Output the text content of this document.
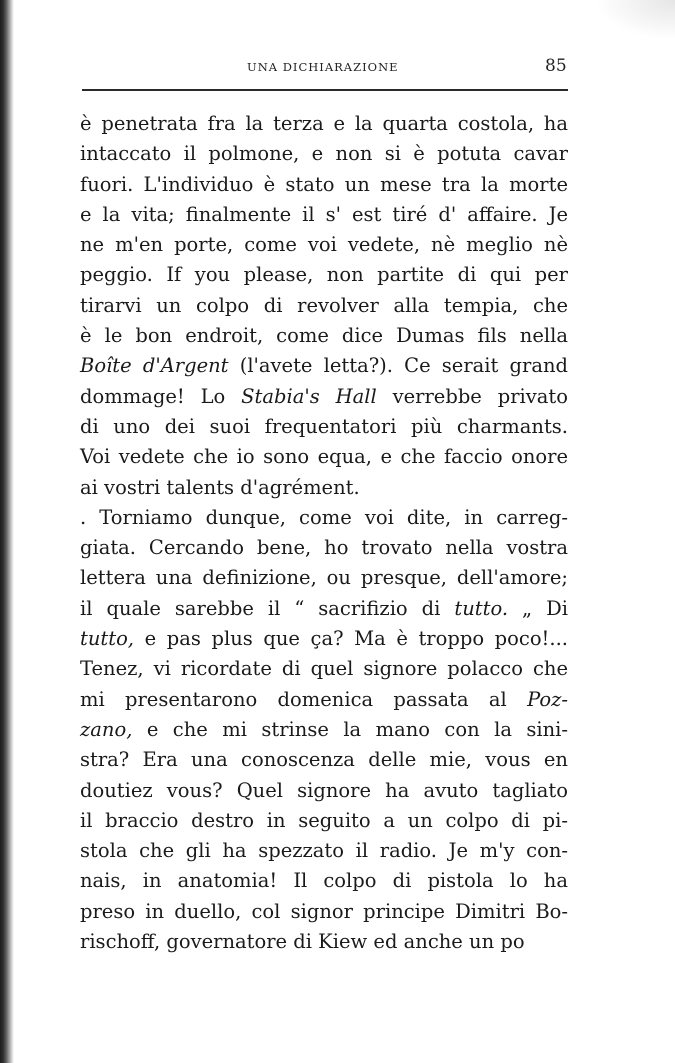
UNA DICHIARAZIONE	85
è penetrata fra la terza e la quarta costola, ha
intaccato il polmone, e non si è potuta cavar
fuori. L'individuo è stato un mese tra la morte
e la vita; finalmente il s' est tiré d' affaire. Je
ne m'en porte, come voi vedete, nè meglio nè
peggio. If you please, non partite di qui per
tirarvi un colpo di revolver alla tempia, che
è le bon endroit, come dice Dumas fils nella
Boîte d'Argent (l'avete letta?). Ce serait grand
dommage! Lo Stabia's Hall verrebbe privato
di uno dei suoi frequentatori più charmants.
Voi vedete che io sono equa, e che faccio onore
ai vostri talents d'agrément.
. Torniamo dunque, come voi dite, in carreg-
giata. Cercando bene, ho trovato nella vostra
lettera una definizione, ou presque, dell'amore;
il quale sarebbe il “ sacrifizio di tutto. „ Di
tutto, e pas plus que ça? Ma è troppo poco!...
Tenez, vi ricordate di quel signore polacco che
mi presentarono domenica passata al Poz-
zano, e che mi strinse la mano con la sini-
stra? Era una conoscenza delle mie, vous en
doutiez vous? Quel signore ha avuto tagliato
il braccio destro in seguito a un colpo di pi-
stola che gli ha spezzato il radio. Je m'y con-
nais, in anatomia! Il colpo di pistola lo ha
preso in duello, col signor principe Dimitri Bo-
rischoff, governatore di Kiew ed anche un po
